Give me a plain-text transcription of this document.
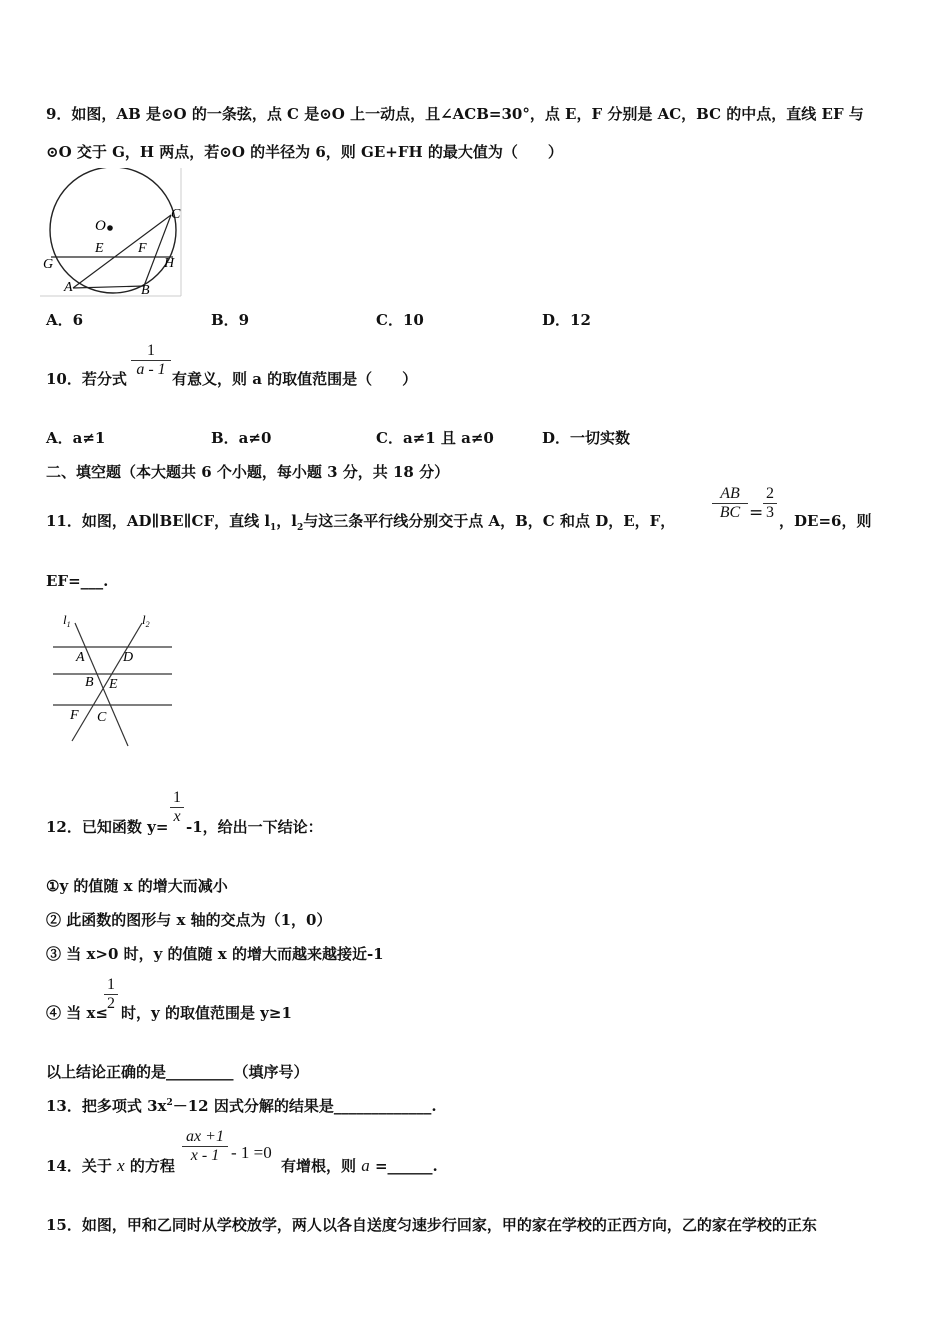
9．如图，AB 是⊙O 的一条弦，点 C 是⊙O 上一动点，且∠ACB=30°，点 E，F 分别是 AC，BC 的中点，直线 EF 与
⊙O 交于 G，H 两点，若⊙O 的半径为 6，则 GE+FH 的最大值为（　　）
O
C
E F
G	H
A	B
A．6	B．9	C．10	D．12
10．若分式
1
a - 1
有意义，则 a 的取值范围是（　　）
A．a≠1	B．a≠0	C．a≠1 且 a≠0	D．一切实数
二、填空题（本大题共 6 个小题，每小题 3 分，共 18 分）
11．如图，AD∥BE∥CF，直线 $l_1$，$l_2$与这三条平行线分别交于点 A，B，C 和点 D，E，F，
AB
BC =
2
3 ，DE=6，则
EF=___.
$l_1$	$l_2$
A	D
B E
F C
12．已知函数 y=
1
x
-1，给出一下结论：
①y 的值随 x 的增大而减小
② 此函数的图形与 x 轴的交点为（1，0）
③ 当 x>0 时，y 的值随 x 的增大而越来越接近-1
④ 当 x≤
1
2
时，y 的取值范围是 y≥1
以上结论正确的是_________（填序号）
13．把多项式 $3x^2-12$ 因式分解的结果是_____________.
14．关于 x 的方程
ax +1
x - 1 - 1 =0
有增根，则 a =______.
15．如图，甲和乙同时从学校放学，两人以各自送度匀速步行回家，甲的家在学校的正西方向，乙的家在学校的正东
